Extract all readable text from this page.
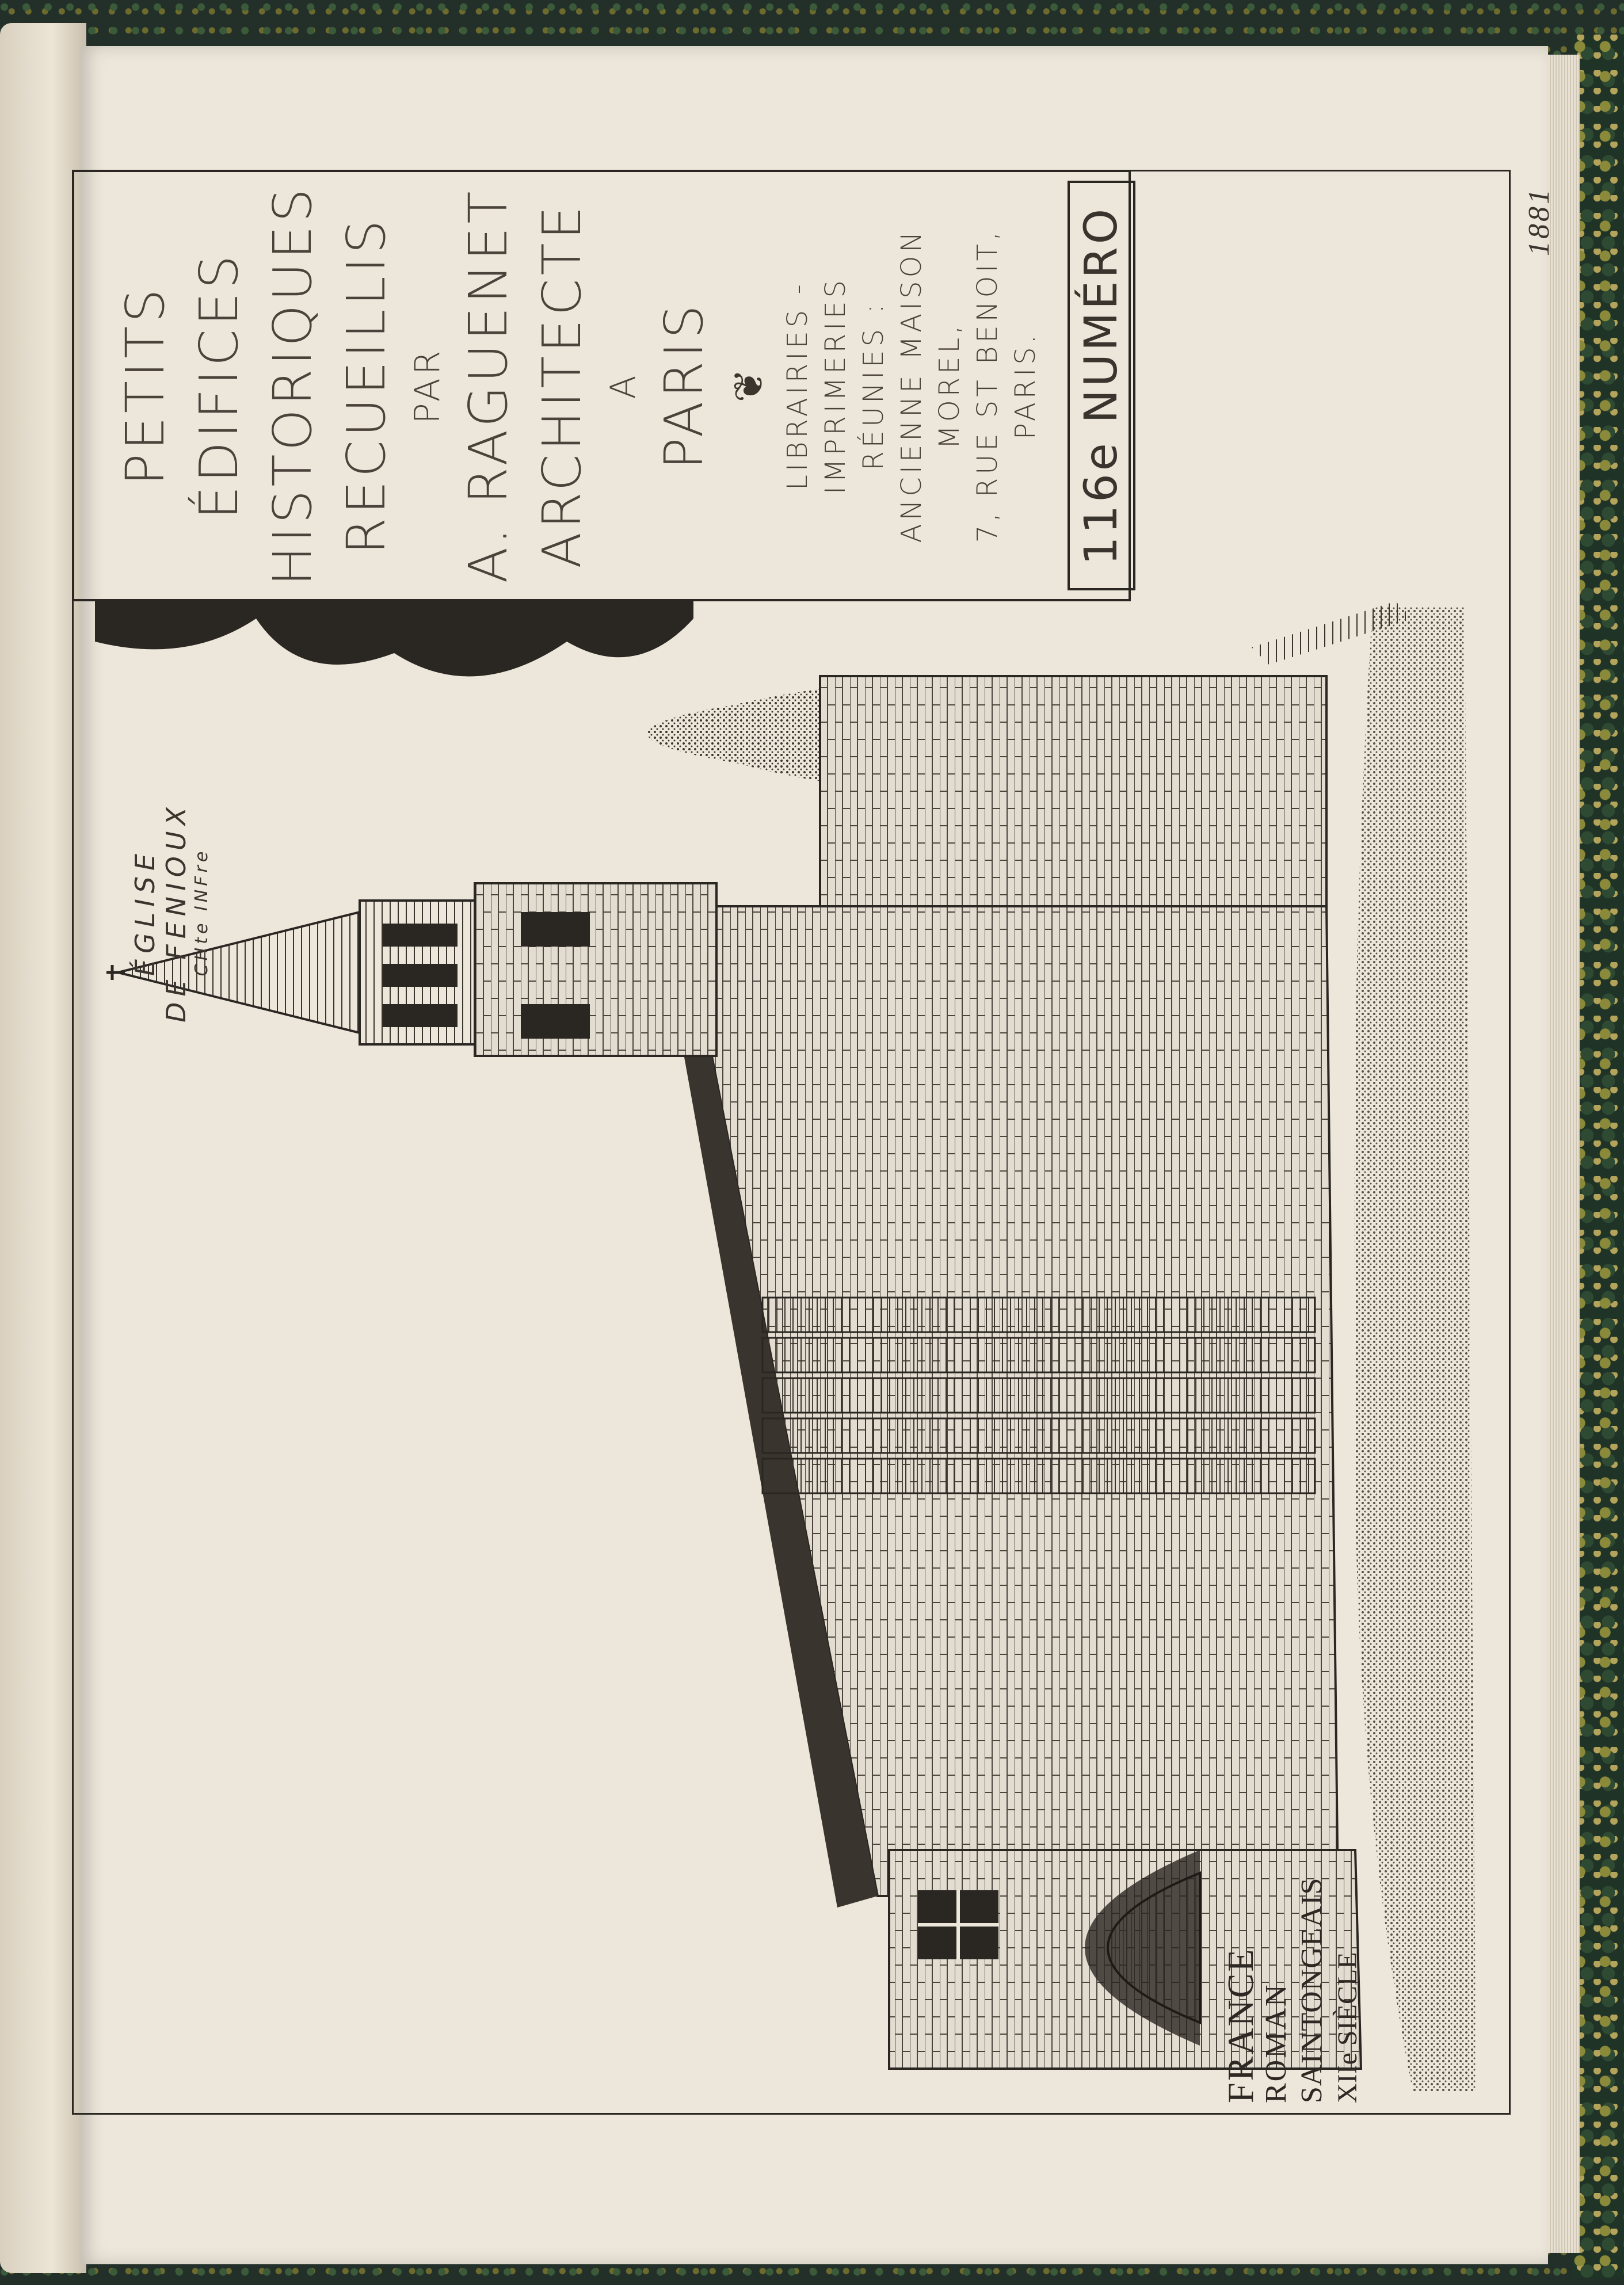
PETITS ÉDIFICES HISTORIQUES RECUEILLIS PAR A. RAGUENET ARCHITECTE A PARIS ❦ LIBRAIRIES - IMPRIMERIES RÉUNIES : ANCIENNE MAISON MOREL, 7, RUE ST BENOIT, PARIS. 116e NUMÉRO
FRANCE
ROMAN SAINTONGEAIS XIIe SIÈCLE
ÉGLISE DE FENIOUX CHte INFre
1881
